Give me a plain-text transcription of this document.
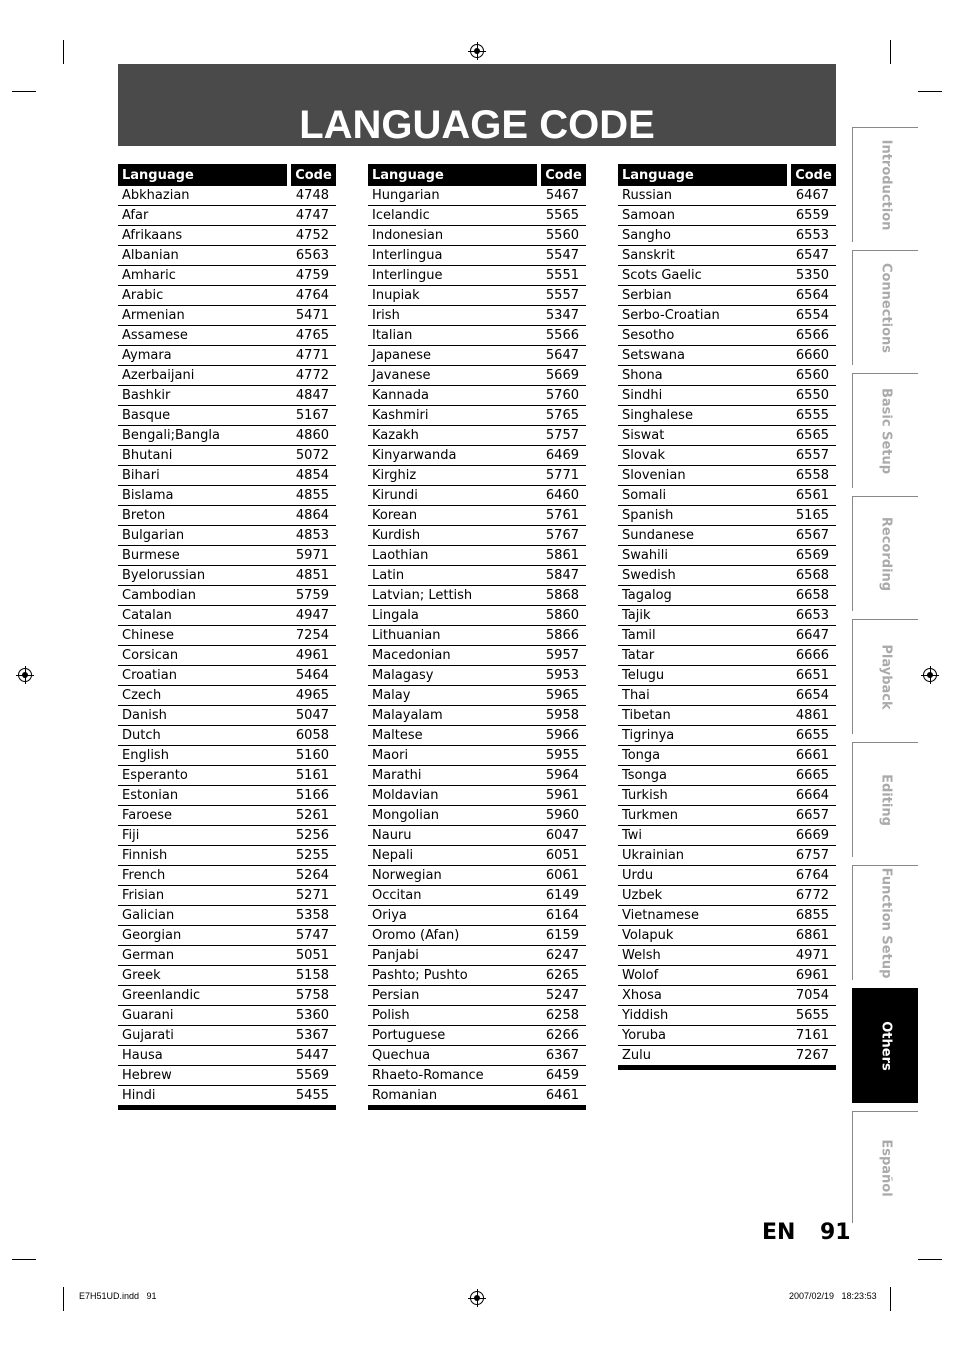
LANGUAGE CODE
Language	Code
Abkhazian	4748
Afar	4747
Afrikaans	4752
Albanian	6563
Amharic	4759
Arabic	4764
Armenian	5471
Assamese	4765
Aymara	4771
Azerbaijani	4772
Bashkir	4847
Basque	5167
Bengali;Bangla	4860
Bhutani	5072
Bihari	4854
Bislama	4855
Breton	4864
Bulgarian	4853
Burmese	5971
Byelorussian	4851
Cambodian	5759
Catalan	4947
Chinese	7254
Corsican	4961
Croatian	5464
Czech	4965
Danish	5047
Dutch	6058
English	5160
Esperanto	5161
Estonian	5166
Faroese	5261
Fiji	5256
Finnish	5255
French	5264
Frisian	5271
Galician	5358
Georgian	5747
German	5051
Greek	5158
Greenlandic	5758
Guarani	5360
Gujarati	5367
Hausa	5447
Hebrew	5569
Hindi	5455
Language	Code
Hungarian	5467
Icelandic	5565
Indonesian	5560
Interlingua	5547
Interlingue	5551
Inupiak	5557
Irish	5347
Italian	5566
Japanese	5647
Javanese	5669
Kannada	5760
Kashmiri	5765
Kazakh	5757
Kinyarwanda	6469
Kirghiz	5771
Kirundi	6460
Korean	5761
Kurdish	5767
Laothian	5861
Latin	5847
Latvian; Lettish	5868
Lingala	5860
Lithuanian	5866
Macedonian	5957
Malagasy	5953
Malay	5965
Malayalam	5958
Maltese	5966
Maori	5955
Marathi	5964
Moldavian	5961
Mongolian	5960
Nauru	6047
Nepali	6051
Norwegian	6061
Occitan	6149
Oriya	6164
Oromo (Afan)	6159
Panjabi	6247
Pashto; Pushto	6265
Persian	5247
Polish	6258
Portuguese	6266
Quechua	6367
Rhaeto-Romance	6459
Romanian	6461
Language	Code
Russian	6467
Samoan	6559
Sangho	6553
Sanskrit	6547
Scots Gaelic	5350
Serbian	6564
Serbo-Croatian	6554
Sesotho	6566
Setswana	6660
Shona	6560
Sindhi	6550
Singhalese	6555
Siswat	6565
Slovak	6557
Slovenian	6558
Somali	6561
Spanish	5165
Sundanese	6567
Swahili	6569
Swedish	6568
Tagalog	6658
Tajik	6653
Tamil	6647
Tatar	6666
Telugu	6651
Thai	6654
Tibetan	4861
Tigrinya	6655
Tonga	6661
Tsonga	6665
Turkish	6664
Turkmen	6657
Twi	6669
Ukrainian	6757
Urdu	6764
Uzbek	6772
Vietnamese	6855
Volapuk	6861
Welsh	4971
Wolof	6961
Xhosa	7054
Yiddish	5655
Yoruba	7161
Zulu	7267
Introduction
Connections
Basic Setup
Recording
Playback
Editing
Function Setup
Others
Español
EN 91
E7H51UD.indd   91	2007/02/19   18:23:53
